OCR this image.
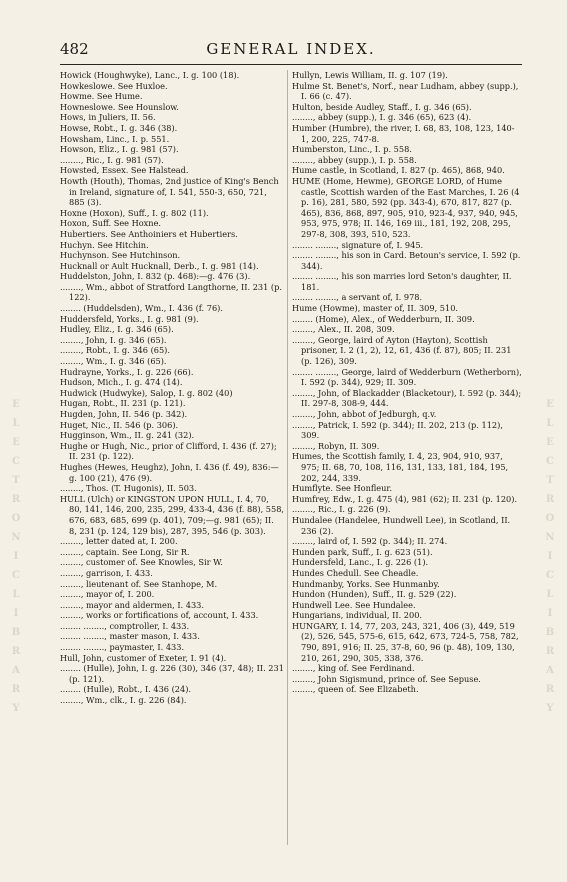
482	GENERAL INDEX.
E
L
E
C
T
R
O
N
I
C
L
I
B
R
A
R
Y
E
L
E
C
T
R
O
N
I
C
L
I
B
R
A
R
Y

Howick (Houghwyke), Lanc., I. g. 100 (18).

Howkeslowe. See Huxloe.

Howme. See Hume.

Howneslowe. See Hounslow.

Hows, in Juliers, II. 56.

Howse, Robt., I. g. 346 (38).

Howsham, Linc., I. p. 551.

Howson, Eliz., I. g. 981 (57).

........, Ric., I. g. 981 (57).

Howsted, Essex. See Halstead.

Howth (Houth), Thomas, 2nd justice of King's Bench in Ireland, signature of, I. 541, 550-3, 650, 721, 885 (3).

Hoxne (Hoxon), Suff., I. g. 802 (11).

Hoxon, Suff. See Hoxne.

Hubertiers. See Anthoiniers et Hubertiers.

Huchyn. See Hitchin.

Huchynson. See Hutchinson.

Hucknall or Ault Hucknall, Derb., I. g. 981 (14).

Huddelston, John, I. 832 (p. 468):—g. 476 (3).

........, Wm., abbot of Stratford Langthorne, II. 231 (p. 122).

........ (Huddelsden), Wm., I. 436 (f. 76).

Huddersfeld, Yorks., I. g. 981 (9).

Hudley, Eliz., I. g. 346 (65).

........, John, I. g. 346 (65).

........, Robt., I. g. 346 (65).

........, Wm., I. g. 346 (65).

Hudrayne, Yorks., I. g. 226 (66).

Hudson, Mich., I. g. 474 (14).

Hudwick (Hudwyke), Salop, I. g. 802 (40)

Hugan, Robt., II. 231 (p. 121).

Hugden, John, II. 546 (p. 342).

Huget, Nic., II. 546 (p. 306).

Hugginson, Wm., II. g. 241 (32).

Hughe or Hugh, Nic., prior of Clifford, I. 436 (f. 27); II. 231 (p. 122).

Hughes (Hewes, Heughz), John, I. 436 (f. 49), 836:—g. 100 (21), 476 (9).

........, Thos. (T. Hugonis), II. 503.

HULL (Ulch) or KINGSTON UPON HULL, I. 4, 70, 80, 141, 146, 200, 235, 299, 433-4, 436 (f. 88), 558, 676, 683, 685, 699 (p. 401), 709;—g. 981 (65); II. 8, 231 (p. 124, 129 bis), 287, 395, 546 (p. 303).

........, letter dated at, I. 200.

........, captain. See Long, Sir R.

........, customer of. See Knowles, Sir W.

........, garrison, I. 433.

........, lieutenant of. See Stanhope, M.

........, mayor of, I. 200.

........, mayor and aldermen, I. 433.

........, works or fortifications of, account, I. 433.

........ ........, comptroller, I. 433.

........ ........, master mason, I. 433.

........ ........, paymaster, I. 433.

Hull, John, customer of Exeter, I. 91 (4).

........ (Hulle), John, I. g. 226 (30), 346 (37, 48); II. 231 (p. 121).

........ (Hulle), Robt., I. 436 (24).

........, Wm., clk., I. g. 226 (84).

Hullyn, Lewis William, II. g. 107 (19).

Hulme St. Benet's, Norf., near Ludham, abbey (supp.), I. 66 (c. 47).

Hulton, beside Audley, Staff., I. g. 346 (65).

........, abbey (supp.), I. g. 346 (65), 623 (4).

Humber (Humbre), the river, I. 68, 83, 108, 123, 140-1, 200, 225, 747-8.

Humberston, Linc., I. p. 558.

........, abbey (supp.), I. p. 558.

Hume castle, in Scotland, I. 827 (p. 465), 868, 940.

HUME (Home, Hewme), GEORGE LORD, of Hume castle, Scottish warden of the East Marches, I. 26 (4 p. 16), 281, 580, 592 (pp. 343-4), 670, 817, 827 (p. 465), 836, 868, 897, 905, 910, 923-4, 937, 940, 945, 953, 975, 978; II. 146, 169 iii., 181, 192, 208, 295, 297-8, 308, 393, 510, 523.

........ ........, signature of, I. 945.

........ ........, his son in Card. Betoun's service, I. 592 (p. 344).

........ ........, his son marries lord Seton's daughter, II. 181.

........ ........, a servant of, I. 978.

Hume (Howme), master of, II. 309, 510.

........ (Home), Alex., of Wedderburn, II. 309.

........, Alex., II. 208, 309.

........, George, laird of Ayton (Hayton), Scottish prisoner, I. 2 (1, 2), 12, 61, 436 (f. 87), 805; II. 231 (p. 126), 309.

........ ........, George, laird of Wedderburn (Wetherborn), I. 592 (p. 344), 929; II. 309.

........, John, of Blackadder (Blacketour), I. 592 (p. 344); II. 297-8, 308-9, 444.

........, John, abbot of Jedburgh, q.v.

........, Patrick, I. 592 (p. 344); II. 202, 213 (p. 112), 309.

........, Robyn, II. 309.

Humes, the Scottish family, I. 4, 23, 904, 910, 937, 975; II. 68, 70, 108, 116, 131, 133, 181, 184, 195, 202, 244, 339.

Humflyte. See Honfleur.

Humfrey, Edw., I. g. 475 (4), 981 (62); II. 231 (p. 120).

........, Ric., I. g. 226 (9).

Hundalee (Handelee, Hundwell Lee), in Scotland, II. 236 (2).

........, laird of, I. 592 (p. 344); II. 274.

Hunden park, Suff., I. g. 623 (51).

Hundersfeld, Lanc., I. g. 226 (1).

Hundes Chedull. See Cheadle.

Hundmanby, Yorks. See Hunmanby.

Hundon (Hunden), Suff., II. g. 529 (22).

Hundwell Lee. See Hundalee.

Hungarians, individual, II. 200.

HUNGARY, I. 14, 77, 203, 243, 321, 406 (3), 449, 519 (2), 526, 545, 575-6, 615, 642, 673, 724-5, 758, 782, 790, 891, 916; II. 25, 37-8, 60, 96 (p. 48), 109, 130, 210, 261, 290, 305, 338, 376.

........, king of. See Ferdinand.

........, John Sigismund, prince of. See Sepuse.

........, queen of. See Elizabeth.
